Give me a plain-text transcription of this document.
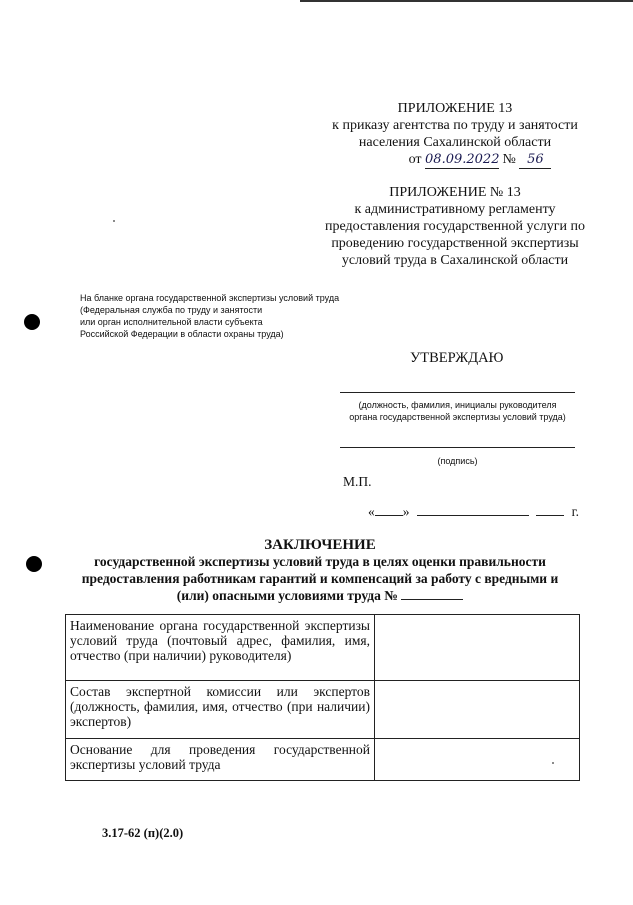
ПРИЛОЖЕНИЕ 13
к приказу агентства по труду и занятости
населения Сахалинской области
от 08.09.2022 № 56
ПРИЛОЖЕНИЕ № 13
к административному регламенту
предоставления государственной услуги по
проведению государственной экспертизы
условий труда в Сахалинской области
На бланке органа государственной экспертизы условий труда
(Федеральная служба по труду и занятости
или орган исполнительной власти субъекта
Российской Федерации в области охраны труда)
УТВЕРЖДАЮ
(должность, фамилия, инициалы руководителя
органа государственной экспертизы условий труда)
(подпись)
М.П.
« »	г.
ЗАКЛЮЧЕНИЕ
государственной экспертизы условий труда в целях оценки правильности
предоставления работникам гарантий и компенсаций за работу с вредными и
(или) опасными условиями труда №
Наименование органа государственной экспертизы условий труда (почтовый адрес, фамилия, имя, отчество (при наличии) руководителя)	
Состав экспертной комиссии или экспертов (должность, фамилия, имя, отчество (при наличии) экспертов)	
Основание для проведения государственной экспертизы условий труда	
3.17-62 (п)(2.0)
